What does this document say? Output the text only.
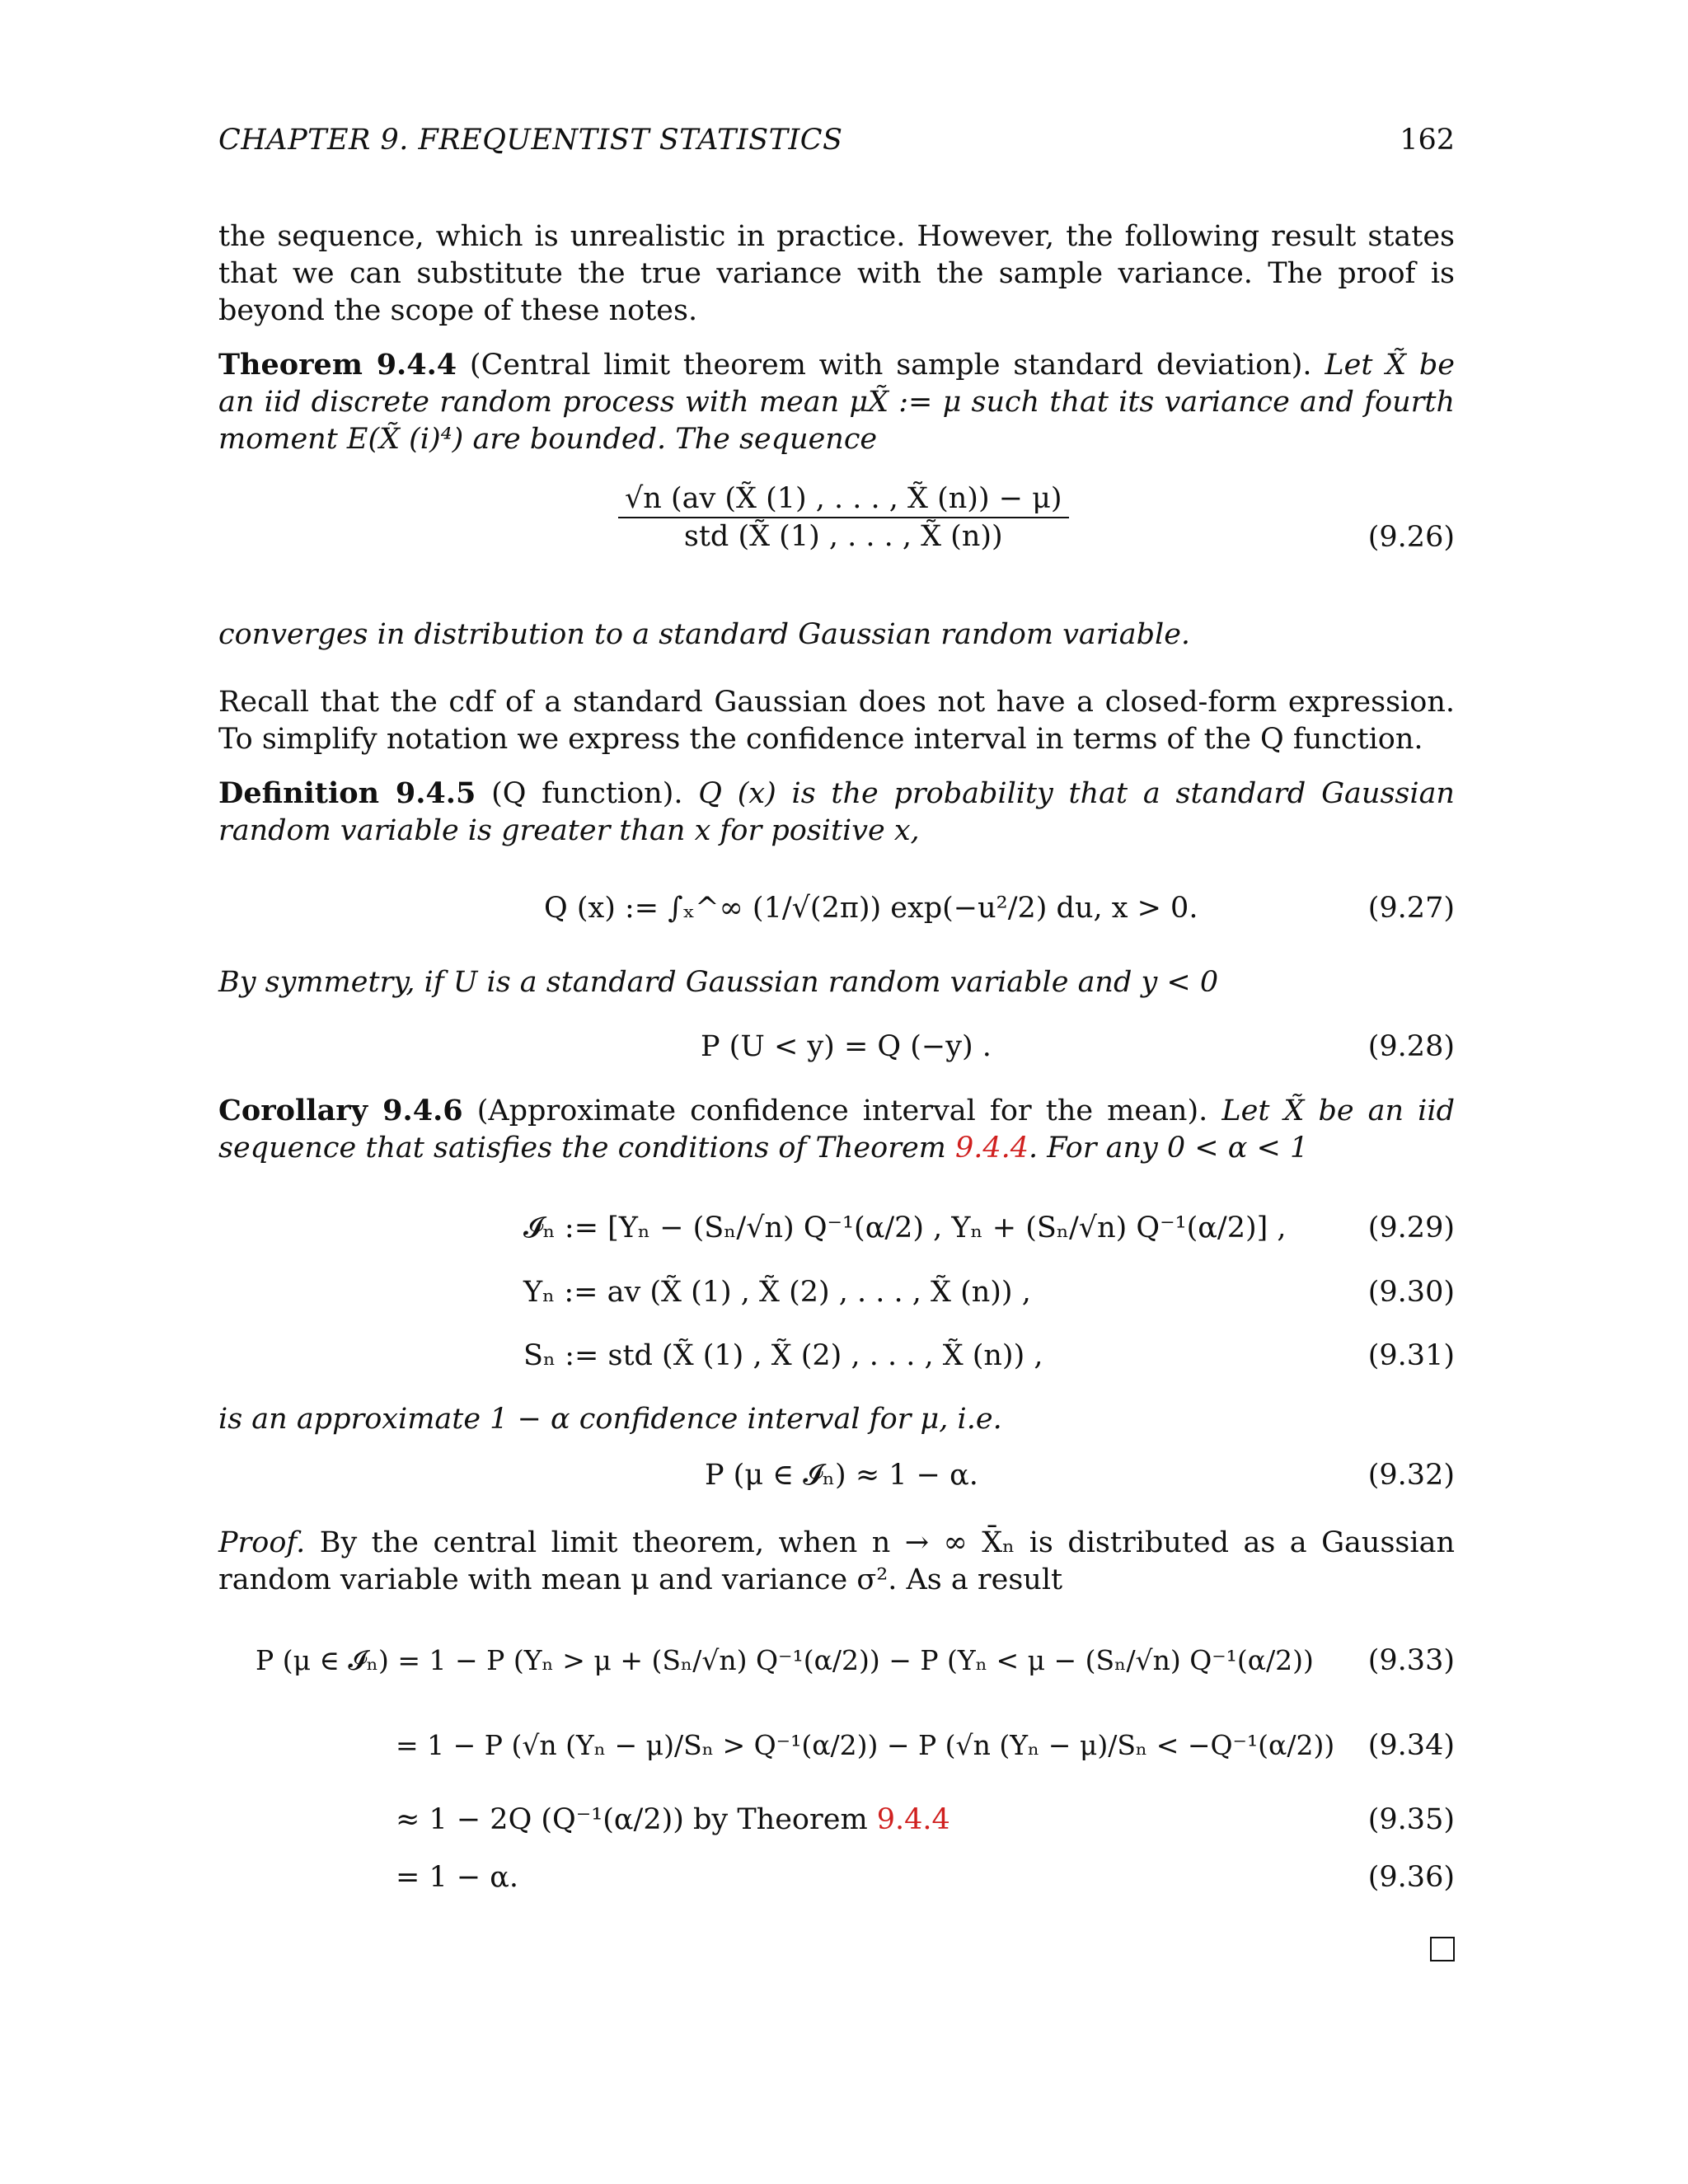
CHAPTER 9. FREQUENTIST STATISTICS	162
the sequence, which is unrealistic in practice. However, the following result states that we can substitute the true variance with the sample variance. The proof is beyond the scope of these notes.
Theorem 9.4.4 (Central limit theorem with sample standard deviation). Let X̃ be an iid discrete random process with mean μX̃ := μ such that its variance and fourth moment E(X̃ (i)⁴) are bounded. The sequence
$\frac{√n (av (X̃ (1) , . . . , X̃ (n)) - \mu)}{\text{std (X̃ (1) , . . . , X̃ (n))}}$	(9.26)
converges in distribution to a standard Gaussian random variable.
Recall that the cdf of a standard Gaussian does not have a closed-form expression. To simplify notation we express the confidence interval in terms of the Q function.
Definition 9.4.5 (Q function). Q (x) is the probability that a standard Gaussian random variable is greater than x for positive x,
Q (x) := ∫ₓ^∞ (1/√(2π)) exp(−u²/2) du, x > 0.	(9.27)
By symmetry, if U is a standard Gaussian random variable and y < 0
P (U < y) = Q (−y) .	(9.28)
Corollary 9.4.6 (Approximate confidence interval for the mean). Let X̃ be an iid sequence that satisfies the conditions of Theorem 9.4.4. For any 0 < α < 1
𝓘ₙ := [Yₙ − (Sₙ/√n) Q⁻¹(α/2) , Yₙ + (Sₙ/√n) Q⁻¹(α/2)] ,	(9.29)
Yₙ := av (X̃ (1) , X̃ (2) , . . . , X̃ (n)) ,	(9.30)
Sₙ := std (X̃ (1) , X̃ (2) , . . . , X̃ (n)) ,	(9.31)
is an approximate 1 − α confidence interval for μ, i.e.
P (μ ∈ 𝓘ₙ) ≈ 1 − α.	(9.32)
Proof. By the central limit theorem, when n → ∞ X̄ₙ is distributed as a Gaussian random variable with mean μ and variance σ². As a result
P (μ ∈ 𝓘ₙ) = 1 − P (Yₙ > μ + (Sₙ/√n) Q⁻¹(α/2)) − P (Yₙ < μ − (Sₙ/√n) Q⁻¹(α/2)) (9.33)
= 1 − P (√n (Yₙ − μ)/Sₙ > Q⁻¹(α/2)) − P (√n (Yₙ − μ)/Sₙ < −Q⁻¹(α/2)) (9.34)
≈ 1 − 2Q (Q⁻¹(α/2)) by Theorem 9.4.4	(9.35)
= 1 − α.	(9.36)
